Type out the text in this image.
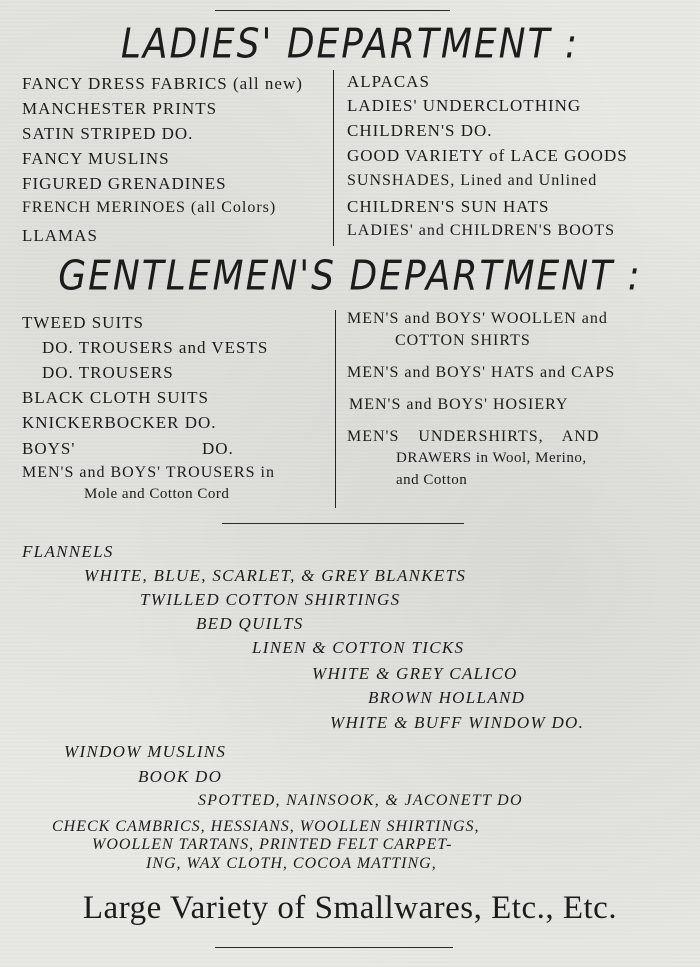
LADIES' DEPARTMENT :
FANCY DRESS FABRICS (all new)
MANCHESTER PRINTS
SATIN STRIPED DO.
FANCY MUSLINS
FIGURED GRENADINES
FRENCH MERINOES (all Colors)
LLAMAS
ALPACAS
LADIES' UNDERCLOTHING
CHILDREN'S DO.
GOOD VARIETY of LACE GOODS
SUNSHADES, Lined and Unlined
CHILDREN'S SUN HATS
LADIES' and CHILDREN'S BOOTS
GENTLEMEN'S DEPARTMENT :
TWEED SUITS
DO. TROUSERS and VESTS
DO. TROUSERS
BLACK CLOTH SUITS
KNICKERBOCKER DO.
BOYS'	DO.
MEN'S and BOYS' TROUSERS in
Mole and Cotton Cord
MEN'S and BOYS' WOOLLEN and
COTTON SHIRTS
MEN'S and BOYS' HATS and CAPS
MEN'S and BOYS' HOSIERY
MEN'S UNDERSHIRTS, AND
DRAWERS in Wool, Merino,
and Cotton
FLANNELS
WHITE, BLUE, SCARLET, & GREY BLANKETS
TWILLED COTTON SHIRTINGS
BED QUILTS
LINEN & COTTON TICKS
WHITE & GREY CALICO
BROWN HOLLAND
WHITE & BUFF WINDOW DO.
WINDOW MUSLINS
BOOK DO
SPOTTED, NAINSOOK, & JACONETT DO
CHECK CAMBRICS, HESSIANS, WOOLLEN SHIRTINGS,
WOOLLEN TARTANS, PRINTED FELT CARPET-
ING, WAX CLOTH, COCOA MATTING,
Large Variety of Smallwares, Etc., Etc.
